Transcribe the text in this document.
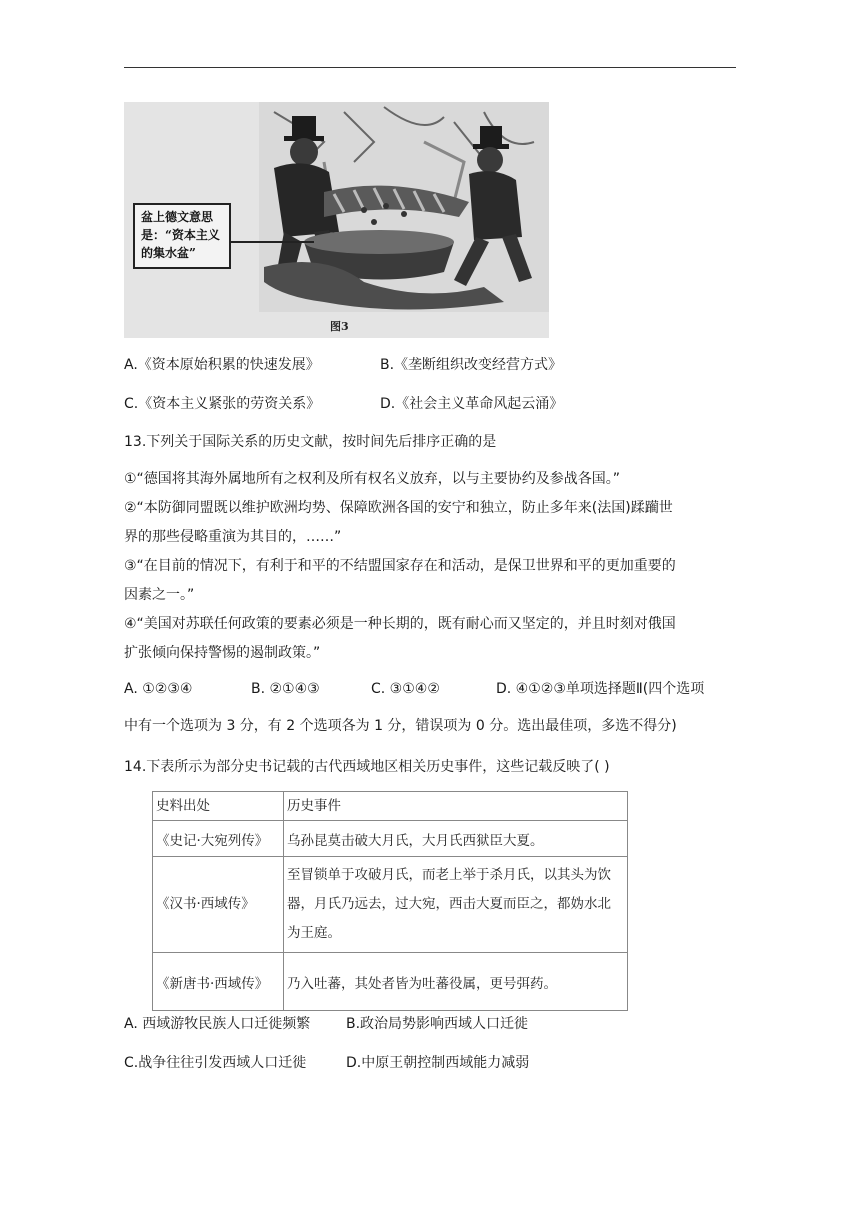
盆上德文意思
是：“资本主义
的集水盆”
图3
A.《资本原始积累的快速发展》	B.《垄断组织改变经营方式》
C.《资本主义紧张的劳资关系》	D.《社会主义革命风起云涌》
13.下列关于国际关系的历史文献，按时间先后排序正确的是
①“德国将其海外属地所有之权利及所有权名义放弃，以与主要协约及参战各国。”
②“本防御同盟既以维护欧洲均势、保障欧洲各国的安宁和独立，防止多年来(法国)蹂躏世
界的那些侵略重演为其目的，……”
③“在目前的情况下，有利于和平的不结盟国家存在和活动，是保卫世界和平的更加重要的
因素之一。”
④“美国对苏联任何政策的要素必须是一种长期的，既有耐心而又坚定的，并且时刻对俄国
扩张倾向保持警惕的遏制政策。”
A. ①②③④	B. ②①④③	C. ③①④②	D. ④①②③单项选择题Ⅱ(四个选项
中有一个选项为 3 分，有 2 个选项各为 1 分，错误项为 0 分。选出最佳项，多选不得分)
14.下表所示为部分史书记载的古代西域地区相关历史事件，这些记载反映了( )
史料出处	历史事件
《史记·大宛列传》	乌孙昆莫击破大月氏，大月氏西狱臣大夏。
《汉书·西域传》	至冒锁单于攻破月氏，而老上举于杀月氏，以其头为饮器，月氏乃远去，过大宛，西击大夏而臣之，都妫水北为王庭。
《新唐书·西域传》	乃入吐蕃，其处者皆为吐蕃役属，更号弭药。
A. 西域游牧民族人口迁徙频繁	B.政治局势影响西域人口迁徙
C.战争往往引发西域人口迁徙	D.中原王朝控制西域能力减弱
